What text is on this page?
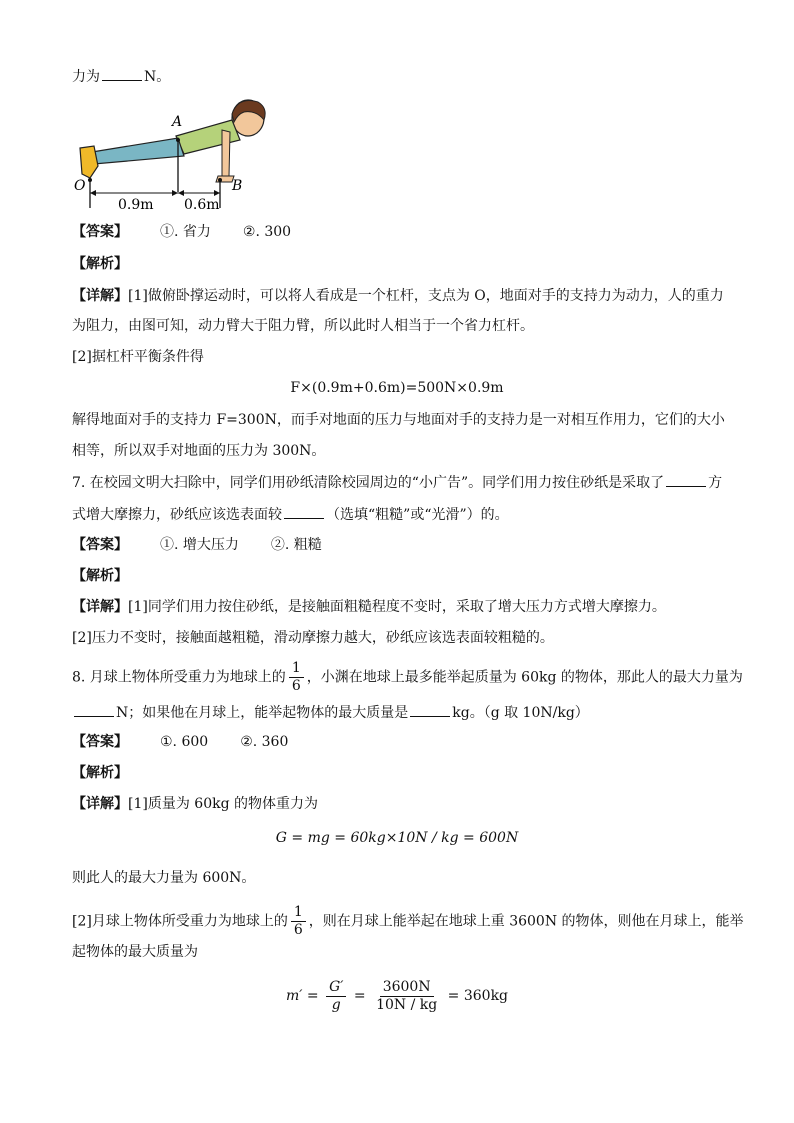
力为	N。
A
O	B
0.9m 0.6m
【答案】 ①. 省力 ②. 300
【解析】
【详解】[1]做俯卧撑运动时，可以将人看成是一个杠杆，支点为 O，地面对手的支持力为动力，人的重力
为阻力，由图可知，动力臂大于阻力臂，所以此时人相当于一个省力杠杆。
[2]据杠杆平衡条件得
F×(0.9m+0.6m)=500N×0.9m
解得地面对手的支持力 F=300N，而手对地面的压力与地面对手的支持力是一对相互作用力，它们的大小
相等，所以双手对地面的压力为 300N。
7. 在校园文明大扫除中，同学们用砂纸清除校园周边的“小广告”。同学们用力按住砂纸是采取了	方
式增大摩擦力，砂纸应该选表面较	（选填“粗糙”或“光滑”）的。
【答案】 ①. 增大压力 ②. 粗糙
【解析】
【详解】[1]同学们用力按住砂纸，是接触面粗糙程度不变时，采取了增大压力方式增大摩擦力。
[2]压力不变时，接触面越粗糙，滑动摩擦力越大，砂纸应该选表面较粗糙的。
8. 月球上物体所受重力为地球上的 $\frac{1}{6}$ ，小渊在地球上最多能举起质量为 60kg 的物体，那此人的最大力量为
N；如果他在月球上，能举起物体的最大质量是	kg。（g 取 10N/kg）
【答案】 ①. 600 ②. 360
【解析】
【详解】[1]质量为 60kg 的物体重力为
G = mg = 60kg×10N / kg = 600N
则此人的最大力量为 600N。
[2]月球上物体所受重力为地球上的 $\frac{1}{6}$ ，则在月球上能举起在地球上重 3600N 的物体，则他在月球上，能举
起物体的最大质量为
$m' = \frac{G'}{g} = \frac{3600N}{10N / kg} = 360kg$
